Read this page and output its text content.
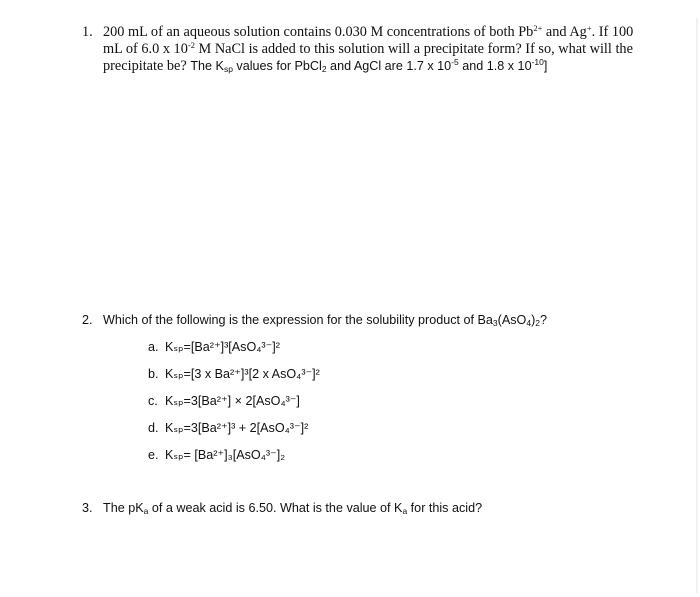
1. 200 mL of an aqueous solution contains 0.030 M concentrations of both $Pb^{2+}$ and Ag+. If 100
mL of 6.0 x $10^{-2}$ M NaCl is added to this solution will a precipitate form? If so, what will the
precipitate be? The $K_{sp}$ values for PbCl$_2$ and AgCl are 1.7 x $10^{-5}$ and 1.8 x $10^{-10}$]
2. Which of the following is the expression for the solubility product of $Ba_3(AsO_4)_2$?
a. Kₛₚ=[Ba²⁺]³[AsO₄³⁻]²
b. Kₛₚ=[3 x Ba²⁺]³[2 x AsO₄³⁻]²
c. Kₛₚ=3[Ba²⁺] × 2[AsO₄³⁻]
d. Kₛₚ=3[Ba²⁺]³ + 2[AsO₄³⁻]²
e. Kₛₚ= [Ba²⁺]₃[AsO₄³⁻]₂
3. The $pK_a$ of a weak acid is 6.50. What is the value of $K_a$ for this acid?
